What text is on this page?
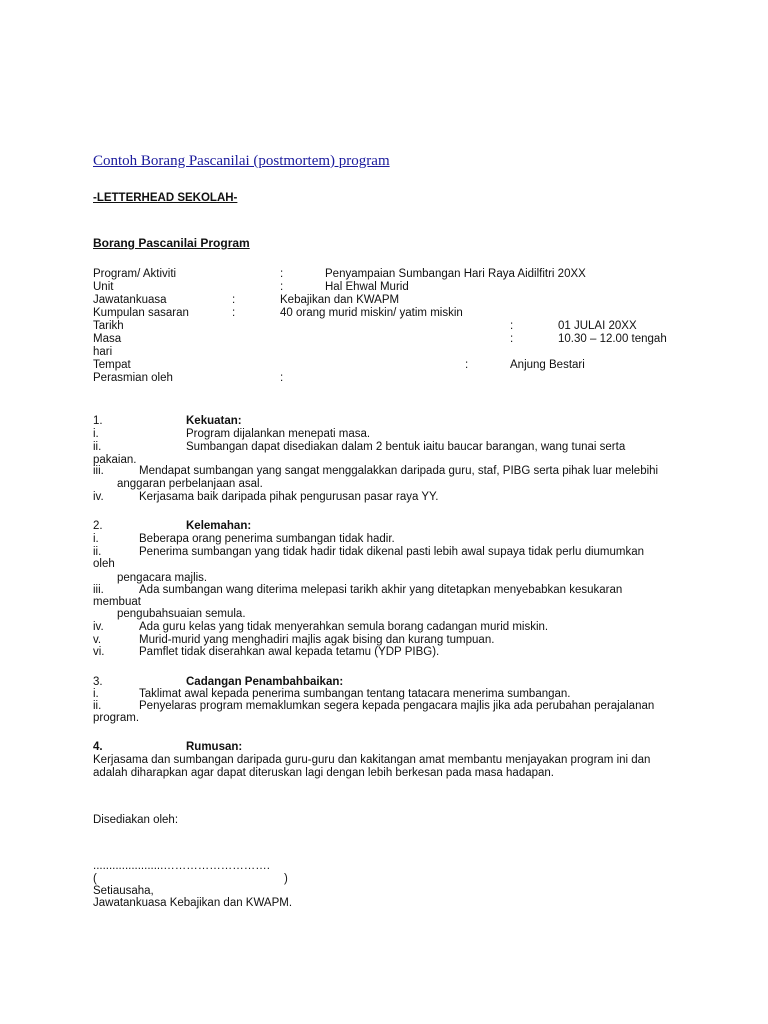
Contoh Borang Pascanilai (postmortem) program
-LETTERHEAD SEKOLAH-
Borang Pascanilai Program
Program/ Aktiviti	:	Penyampaian Sumbangan Hari Raya Aidilfitri 20XX
Unit	:	Hal Ehwal Murid
Jawatankuasa	:	Kebajikan dan KWAPM
Kumpulan sasaran	:	40 orang murid miskin/ yatim miskin
Tarikh	:	01 JULAI 20XX
Masa	:	10.30 – 12.00 tengah
hari
Tempat	:	Anjung Bestari
Perasmian oleh	:
1.	Kekuatan:
i.	Program dijalankan menepati masa.
ii.	Sumbangan dapat disediakan dalam 2 bentuk iaitu baucar barangan, wang tunai serta
pakaian.
iii.	Mendapat sumbangan yang sangat menggalakkan daripada guru, staf, PIBG serta pihak luar melebihi
anggaran perbelanjaan asal.
iv.	Kerjasama baik daripada pihak pengurusan pasar raya YY.
2.	Kelemahan:
i.	Beberapa orang penerima sumbangan tidak hadir.
ii.	Penerima sumbangan yang tidak hadir tidak dikenal pasti lebih awal supaya tidak perlu diumumkan
oleh
pengacara majlis.
iii.	Ada sumbangan wang diterima melepasi tarikh akhir yang ditetapkan menyebabkan kesukaran
membuat
pengubahsuaian semula.
iv.	Ada guru kelas yang tidak menyerahkan semula borang cadangan murid miskin.
v.	Murid-murid yang menghadiri majlis agak bising dan kurang tumpuan.
vi.	Pamflet tidak diserahkan awal kepada tetamu (YDP PIBG).
3.	Cadangan Penambahbaikan:
i.	Taklimat awal kepada penerima sumbangan tentang tatacara menerima sumbangan.
ii.	Penyelaras program memaklumkan segera kepada pengacara majlis jika ada perubahan perajalanan
program.
4.	Rumusan:
Kerjasama dan sumbangan daripada guru-guru dan kakitangan amat membantu menjayakan program ini dan
adalah diharapkan agar dapat diteruskan lagi dengan lebih berkesan pada masa hadapan.
Disediakan oleh:
......................……………………….
(	)
Setiausaha,
Jawatankuasa Kebajikan dan KWAPM.
